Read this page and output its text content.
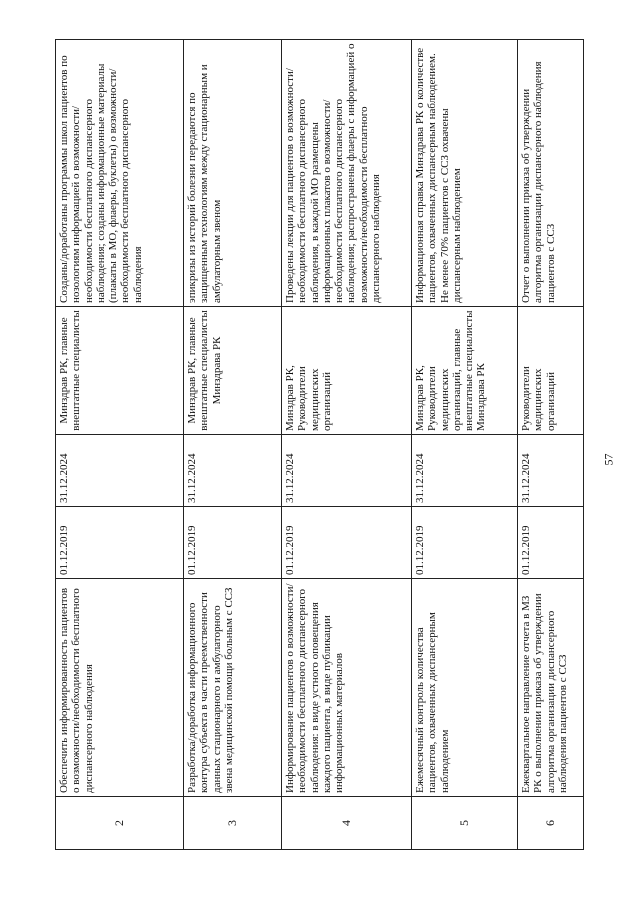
2	Обеспечить информированность пациентов о возможности/необходимости бесплатного диспансерного наблюдения	01.12.2019	31.12.2024	Минздрав РК, главные внештатные специалисты	Созданы/доработаны программы школ пациентов по нозологиям информацией о возможности/необходимости бесплатного диспансерного наблюдения; созданы информационные материалы (плакаты в МО, флаеры, буклеты) о возможности/необходимости бесплатного диспансерного наблюдения
3	Разработка/доработка информационного контура субъекта в части преемственности данных стационарного и амбулаторного звена медицинской помощи больным с ССЗ	01.12.2019	31.12.2024	Минздрав РК, главные внештатные специалисты Минздрава РК	эпикризы из историй болезни передаются по защищенным технологиям между стационарным и амбулаторным звеном
4	Информирование пациентов о возможности/необходимости бесплатного диспансерного наблюдения: в виде устного оповещения каждого пациента, в виде публикации информационных материалов	01.12.2019	31.12.2024	Минздрав РК, Руководители медицинских организаций	Проведены лекции для пациентов о возможности/необходимости бесплатного диспансерного наблюдения, в каждой МО размещены информационных плакатов о возможности/необходимости бесплатного диспансерного наблюдения; распространены флаеры с информацией о возможности/необходимости бесплатного диспансерного наблюдения
5	Ежемесячный контроль количества пациентов, охваченных диспансерным наблюдением	01.12.2019	31.12.2024	Минздрав РК, Руководители медицинских организаций, главные внештатные специалисты Минздрава РК	Информационная справка Минздрава РК о количестве пациентов, охваченных диспансерным наблюдением. Не менее 70% пациентов с ССЗ охвачены диспансерным наблюдением
6	Ежеквартальное направление отчета в МЗ РК о выполнении приказа об утверждении алгоритма организации диспансерного наблюдения пациентов с ССЗ	01.12.2019	31.12.2024	Руководители медицинских организаций	Отчет о выполнении приказа об утверждении алгоритма организации диспансерного наблюдения пациентов с ССЗ
57
